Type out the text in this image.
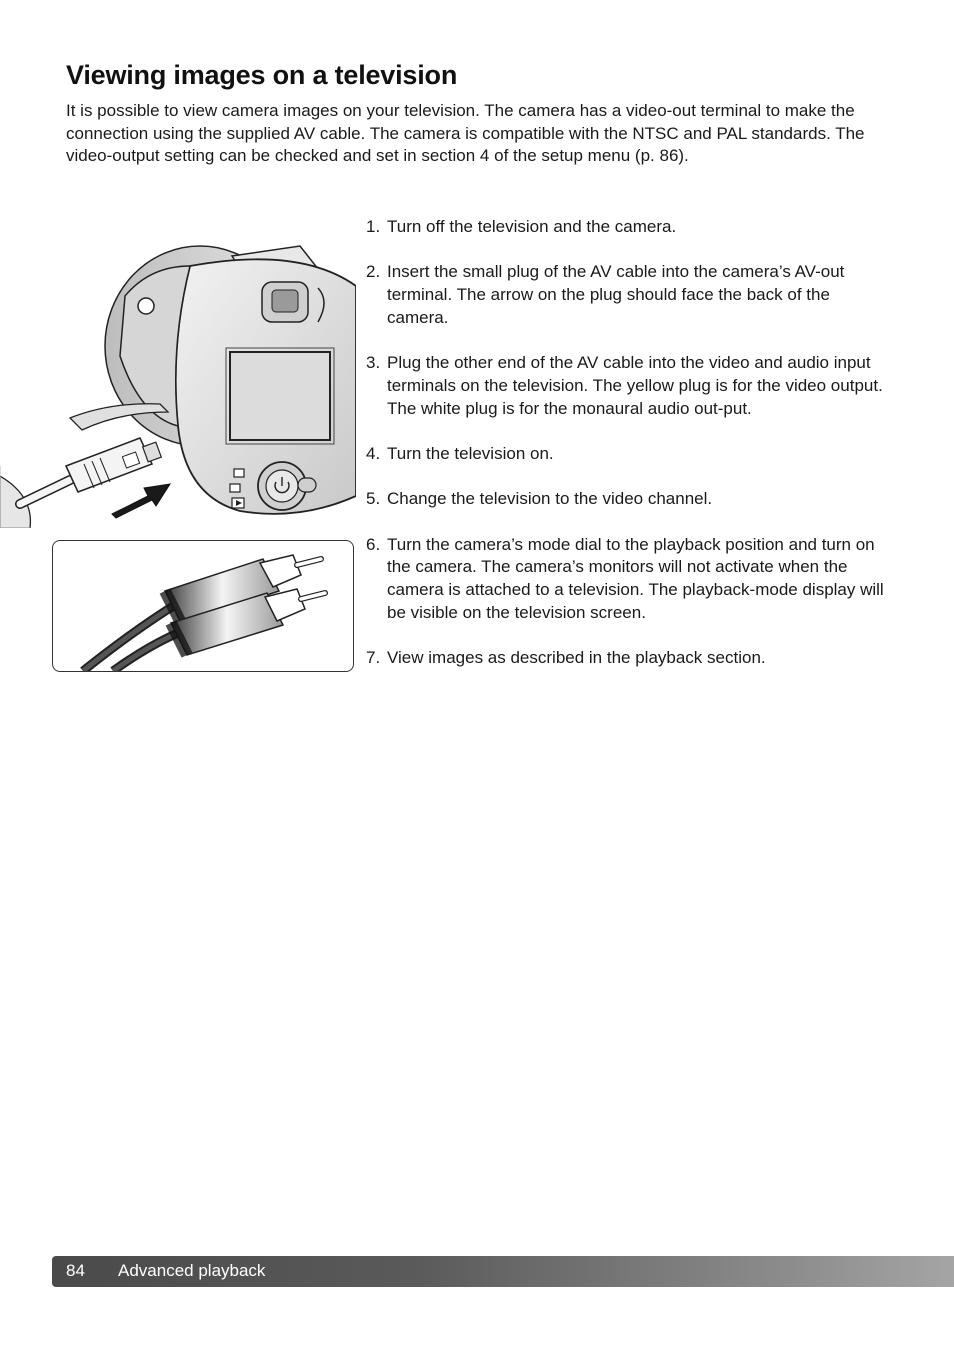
Viewing images on a television

It is possible to view camera images on your television. The camera has a video-out terminal to make the connection using the supplied AV cable. The camera is compatible with the NTSC and PAL standards. The video-output setting can be checked and set in section 4 of the setup menu (p. 86).

1. Turn off the television and the camera.
2. Insert the small plug of the AV cable into the camera’s AV-out terminal. The arrow on the plug should face the back of the camera.
3. Plug the other end of the AV cable into the video and audio input terminals on the television. The yellow plug is for the video output. The white plug is for the monaural audio out-put.
4. Turn the television on.
5. Change the television to the video channel.
6. Turn the camera’s mode dial to the playback position and turn on the camera. The camera’s monitors will not activate when the camera is attached to a television. The playback-mode display will be visible on the television screen.
7. View images as described in the playback section.
84 Advanced playback
